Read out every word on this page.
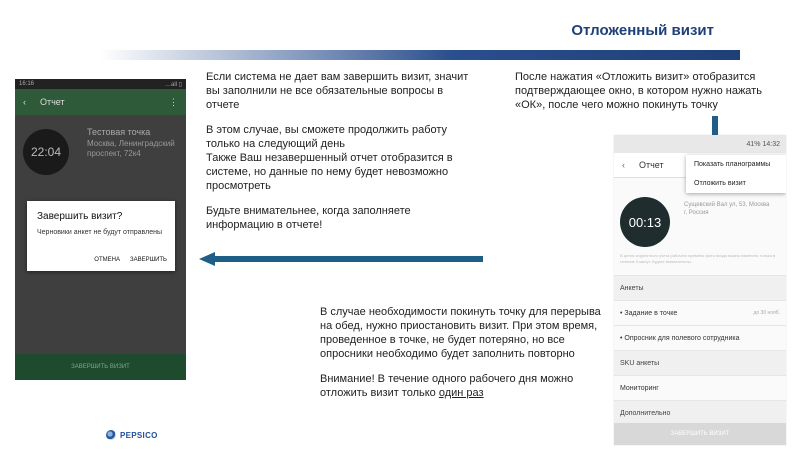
Отложенный визит
16:16	…all ▯
‹ Отчет	⋮
22:04
Тестовая точка
Москва, Ленинградский проспект, 72к4
Завершить визит?
Черновики анкет не будут отправлены
ОТМЕНА ЗАВЕРШИТЬ
ЗАВЕРШИТЬ ВИЗИТ

Если система не дает вам завершить визит, значит вы заполнили не все обязательные вопросы в отчете

В этом случае, вы сможете продолжить работу только на следующий день
Также Ваш незавершенный отчет отобразится в системе, но данные по нему будет невозможно просмотреть

Будьте внимательнее, когда заполняете информацию в отчете!

После нажатия «Отложить визит» отобразится подтверждающее окно, в котором нужно нажать «ОК», после чего можно покинуть точку
41% 14:32
‹ Отчет	Показать планограммы
Отложить визит
00:13
Сущевский Вал ул, 53, Москва г, Россия
В целях корректного учета рабочего времени фото входа можно изменить только в течение 5 минут. Будьте внимательны.
Анкеты
• Задание в точке	до 30 нояб.
• Опросник для полевого сотрудника
SKU анкеты
Мониторинг
Дополнительно
ЗАВЕРШИТЬ ВИЗИТ

В случае необходимости покинуть точку для перерыва на обед, нужно приостановить визит. При этом время, проведенное в точке, не будет потеряно, но все опросники необходимо будет заполнить повторно

Внимание! В течение одного рабочего дня можно отложить визит только один раз

PEPSICO
